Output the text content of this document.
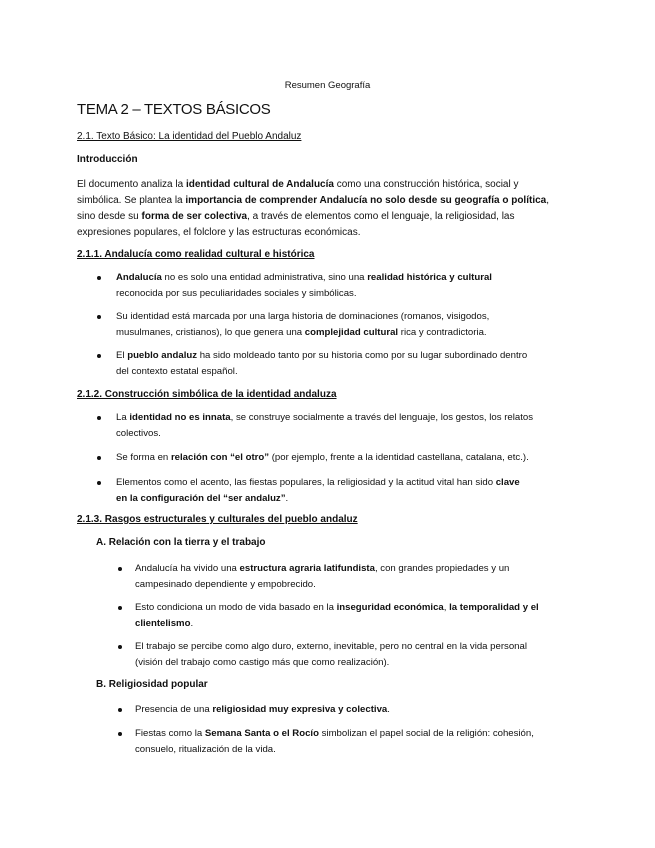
Resumen Geografía
TEMA 2 – TEXTOS BÁSICOS
2.1. Texto Básico: La identidad del Pueblo Andaluz
Introducción
El documento analiza la identidad cultural de Andalucía como una construcción histórica, social y
simbólica. Se plantea la importancia de comprender Andalucía no solo desde su geografía o política,
sino desde su forma de ser colectiva, a través de elementos como el lenguaje, la religiosidad, las
expresiones populares, el folclore y las estructuras económicas.
2.1.1. Andalucía como realidad cultural e histórica
Andalucía no es solo una entidad administrativa, sino una realidad histórica y cultural
reconocida por sus peculiaridades sociales y simbólicas.
Su identidad está marcada por una larga historia de dominaciones (romanos, visigodos,
musulmanes, cristianos), lo que genera una complejidad cultural rica y contradictoria.
El pueblo andaluz ha sido moldeado tanto por su historia como por su lugar subordinado dentro
del contexto estatal español.
2.1.2. Construcción simbólica de la identidad andaluza
La identidad no es innata, se construye socialmente a través del lenguaje, los gestos, los relatos
colectivos.
Se forma en relación con “el otro” (por ejemplo, frente a la identidad castellana, catalana, etc.).
Elementos como el acento, las fiestas populares, la religiosidad y la actitud vital han sido clave
en la configuración del “ser andaluz”.
2.1.3. Rasgos estructurales y culturales del pueblo andaluz
A. Relación con la tierra y el trabajo
Andalucía ha vivido una estructura agraria latifundista, con grandes propiedades y un
campesinado dependiente y empobrecido.
Esto condiciona un modo de vida basado en la inseguridad económica, la temporalidad y el
clientelismo.
El trabajo se percibe como algo duro, externo, inevitable, pero no central en la vida personal
(visión del trabajo como castigo más que como realización).
B. Religiosidad popular
Presencia de una religiosidad muy expresiva y colectiva.
Fiestas como la Semana Santa o el Rocío simbolizan el papel social de la religión: cohesión,
consuelo, ritualización de la vida.
